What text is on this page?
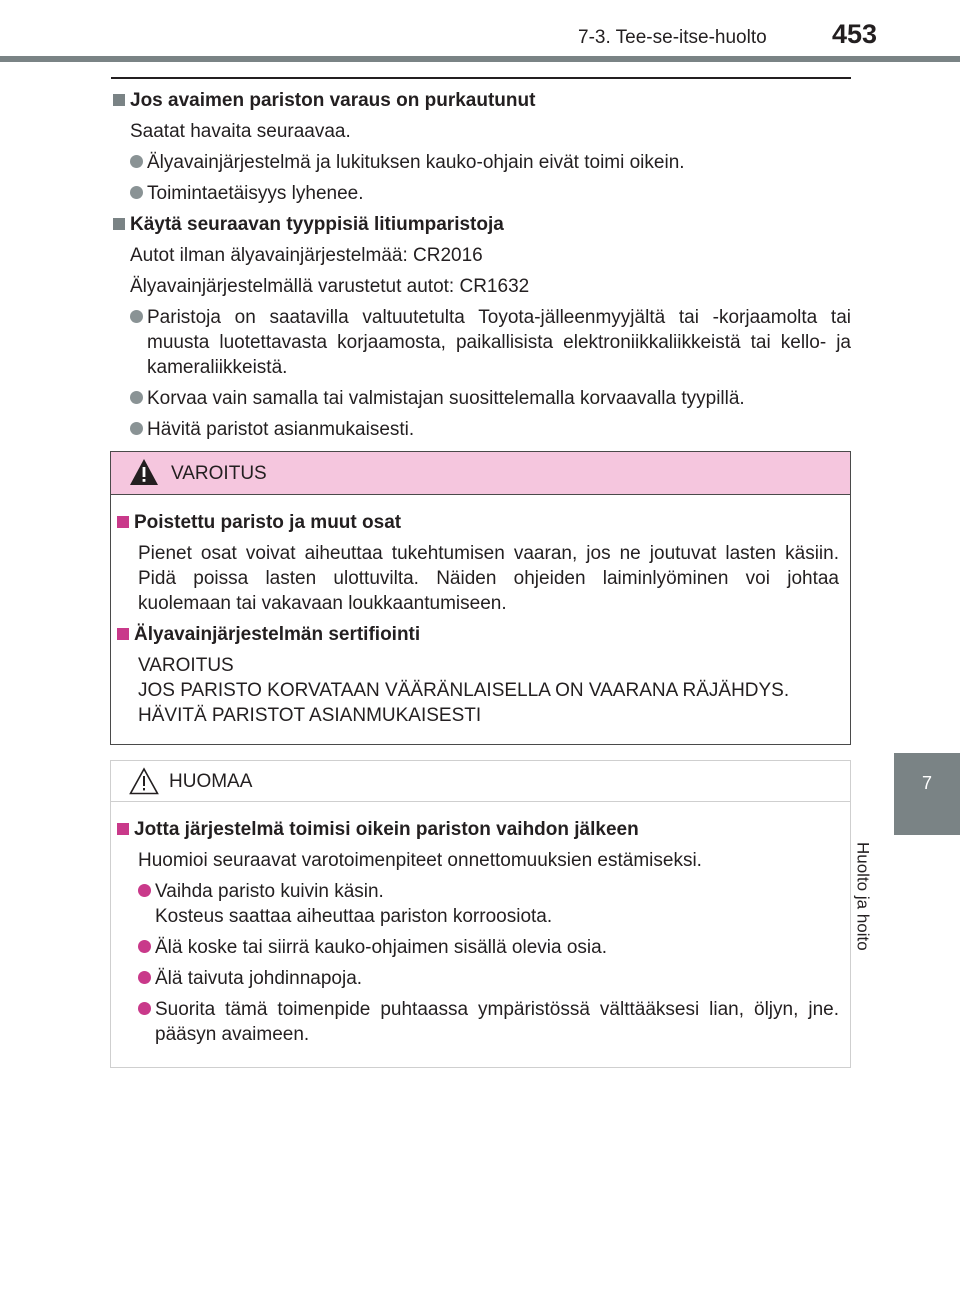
7-3. Tee-se-itse-huolto 453
7
Huolto ja hoito
Jos avaimen pariston varaus on purkautunut
Saatat havaita seuraavaa.
Älyavainjärjestelmä ja lukituksen kauko-ohjain eivät toimi oikein.
Toimintaetäisyys lyhenee.
Käytä seuraavan tyyppisiä litiumparistoja
Autot ilman älyavainjärjestelmää: CR2016
Älyavainjärjestelmällä varustetut autot: CR1632
Paristoja on saatavilla valtuutetulta Toyota-jälleenmyyjältä tai -korjaamolta tai muusta luotettavasta korjaamosta, paikallisista elektroniikkaliikkeistä tai kello- ja kameraliikkeistä.
Korvaa vain samalla tai valmistajan suosittelemalla korvaavalla tyypillä.
Hävitä paristot asianmukaisesti.
VAROITUS
Poistettu paristo ja muut osat
Pienet osat voivat aiheuttaa tukehtumisen vaaran, jos ne joutuvat lasten käsiin. Pidä poissa lasten ulottuvilta. Näiden ohjeiden laiminlyöminen voi johtaa kuolemaan tai vakavaan loukkaantumiseen.
Älyavainjärjestelmän sertifiointi
VAROITUS
JOS PARISTO KORVATAAN VÄÄRÄNLAISELLA ON VAARANA RÄJÄHDYS.
HÄVITÄ PARISTOT ASIANMUKAISESTI
HUOMAA
Jotta järjestelmä toimisi oikein pariston vaihdon jälkeen
Huomioi seuraavat varotoimenpiteet onnettomuuksien estämiseksi.
Vaihda paristo kuivin käsin.
Kosteus saattaa aiheuttaa pariston korroosiota.
Älä koske tai siirrä kauko-ohjaimen sisällä olevia osia.
Älä taivuta johdinnapoja.
Suorita tämä toimenpide puhtaassa ympäristössä välttääksesi lian, öljyn, jne. pääsyn avaimeen.
